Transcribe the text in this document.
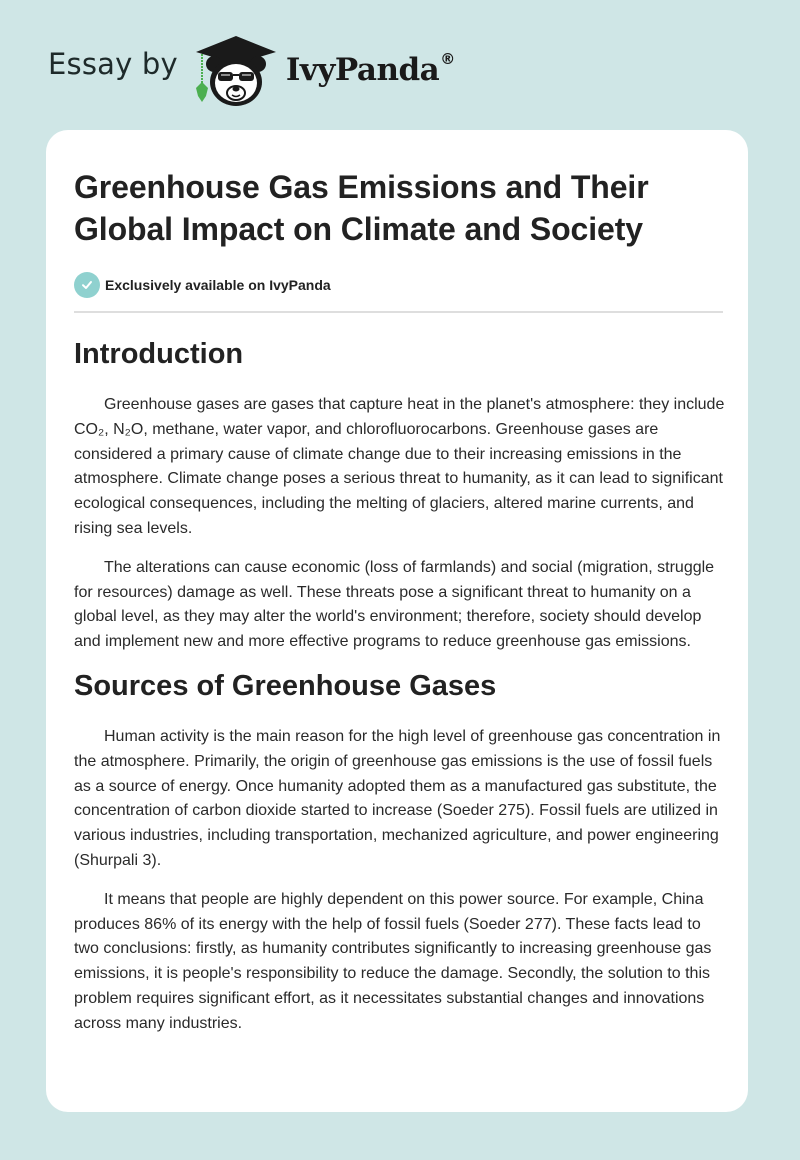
Essay by	IvyPanda®
Greenhouse Gas Emissions and Their Global Impact on Climate and Society
Exclusively available on IvyPanda
Introduction

Greenhouse gases are gases that capture heat in the planet's atmosphere: they include CO₂, N₂O, methane, water vapor, and chlorofluorocarbons. Greenhouse gases are considered a primary cause of climate change due to their increasing emissions in the atmosphere. Climate change poses a serious threat to humanity, as it can lead to significant ecological consequences, including the melting of glaciers, altered marine currents, and rising sea levels.

The alterations can cause economic (loss of farmlands) and social (migration, struggle for resources) damage as well. These threats pose a significant threat to humanity on a global level, as they may alter the world's environment; therefore, society should develop and implement new and more effective programs to reduce greenhouse gas emissions.

Sources of Greenhouse Gases

Human activity is the main reason for the high level of greenhouse gas concentration in the atmosphere. Primarily, the origin of greenhouse gas emissions is the use of fossil fuels as a source of energy. Once humanity adopted them as a manufactured gas substitute, the concentration of carbon dioxide started to increase (Soeder 275). Fossil fuels are utilized in various industries, including transportation, mechanized agriculture, and power engineering (Shurpali 3).

It means that people are highly dependent on this power source. For example, China produces 86% of its energy with the help of fossil fuels (Soeder 277). These facts lead to two conclusions: firstly, as humanity contributes significantly to increasing greenhouse gas emissions, it is people's responsibility to reduce the damage. Secondly, the solution to this problem requires significant effort, as it necessitates substantial changes and innovations across many industries.
